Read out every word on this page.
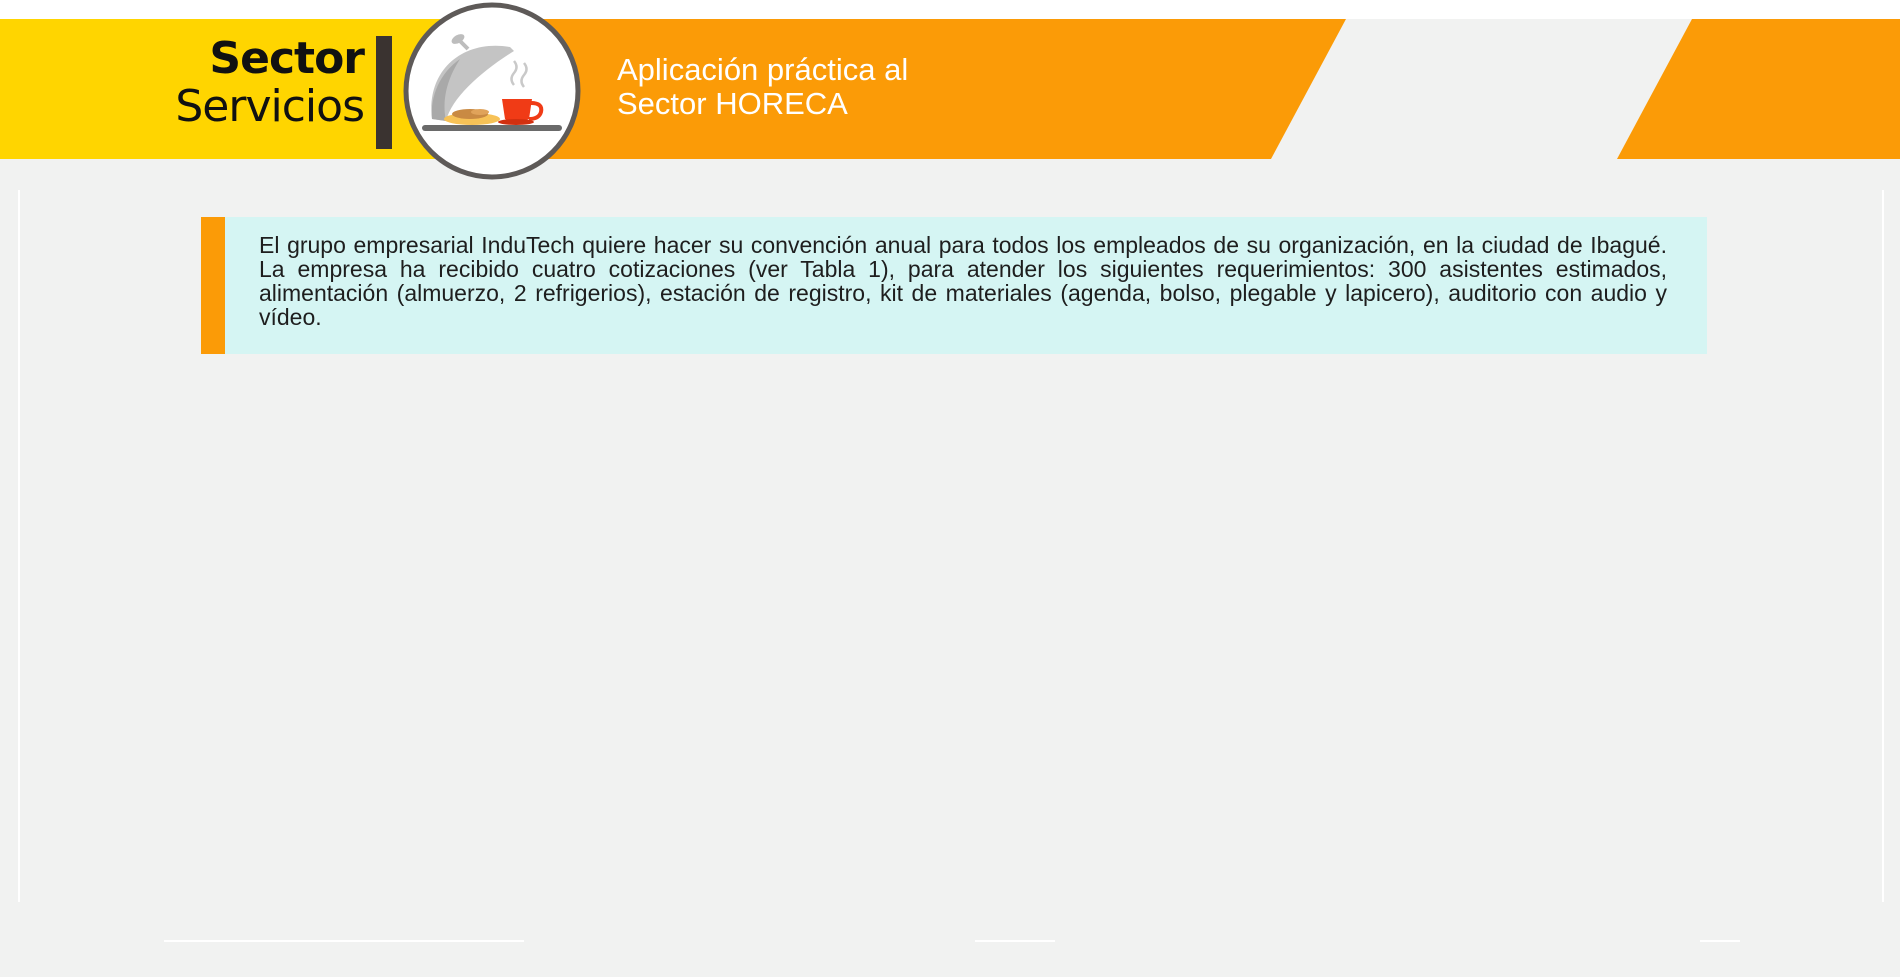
Sector
Servicios
Aplicación práctica al
Sector HORECA

El grupo empresarial InduTech quiere hacer su convención anual para todos los empleados de su organización, en la ciudad de Ibagué. La empresa ha recibido cuatro cotizaciones (ver Tabla 1), para atender los siguientes requerimientos: 300 asistentes estimados, alimentación (almuerzo, 2 refrigerios), estación de registro, kit de materiales (agenda, bolso, plegable y lapicero), auditorio con audio y vídeo.
